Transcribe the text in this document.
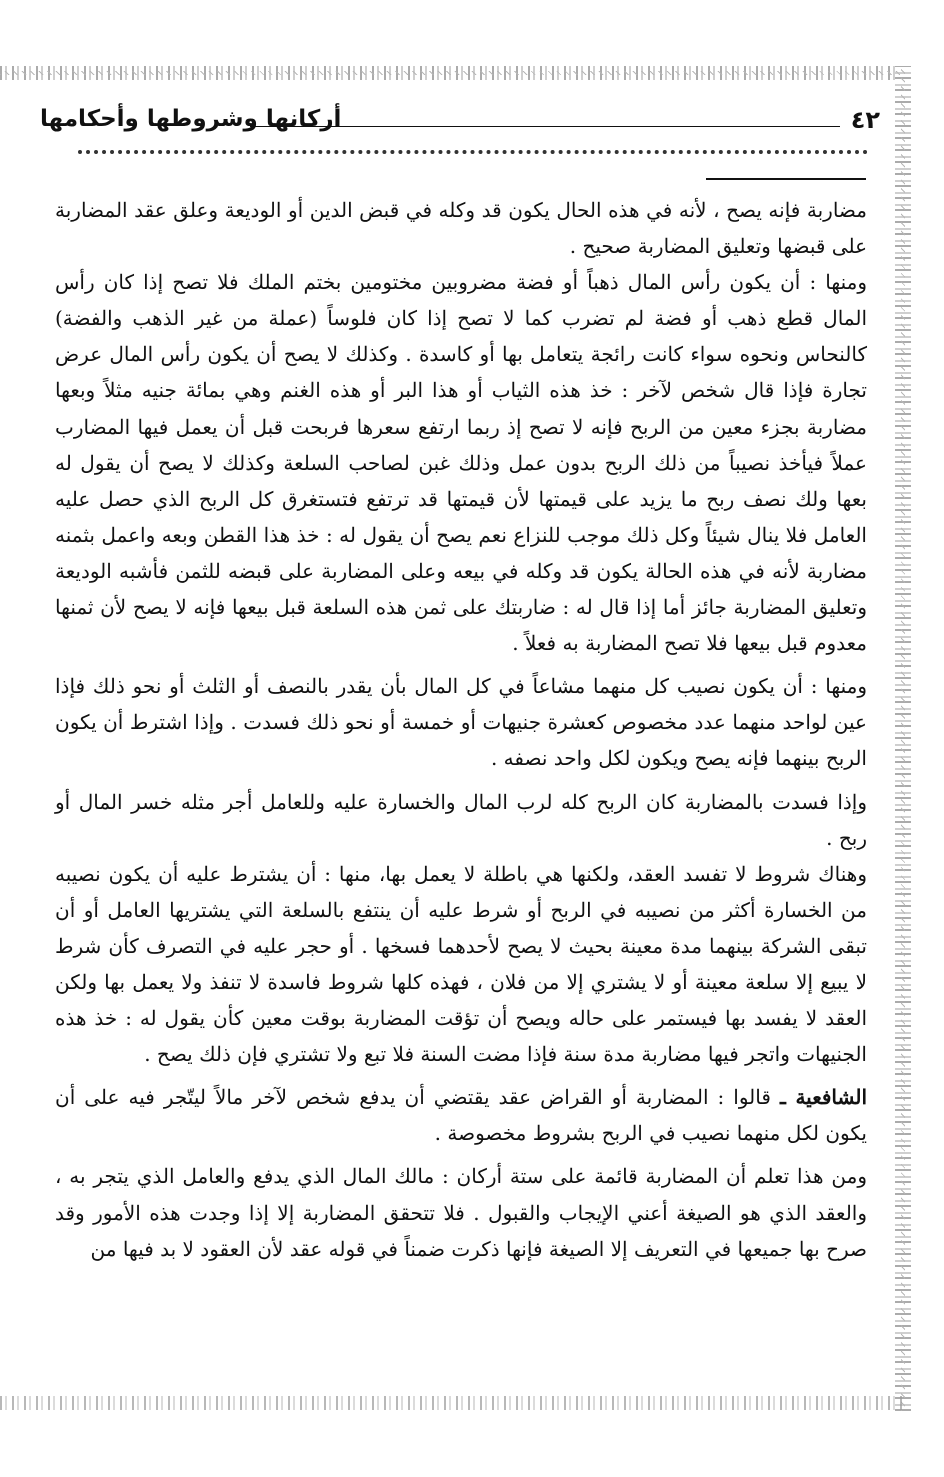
٤٢
أركانها وشروطها وأحكامها

مضاربة فإنه يصح ، لأنه في هذه الحال يكون قد وكله في قبض الدين أو الوديعة وعلق عقد المضاربة على قبضها وتعليق المضاربة صحيح .

ومنها : أن يكون رأس المال ذهباً أو فضة مضروبين مختومين بختم الملك فلا تصح إذا كان رأس المال قطع ذهب أو فضة لم تضرب كما لا تصح إذا كان فلوساً (عملة من غير الذهب والفضة) كالنحاس ونحوه سواء كانت رائجة يتعامل بها أو كاسدة . وكذلك لا يصح أن يكون رأس المال عرض تجارة فإذا قال شخص لآخر : خذ هذه الثياب أو هذا البر أو هذه الغنم وهي بمائة جنيه مثلاً وبعها مضاربة بجزء معين من الربح فإنه لا تصح إذ ربما ارتفع سعرها فربحت قبل أن يعمل فيها المضارب عملاً فيأخذ نصيباً من ذلك الربح بدون عمل وذلك غبن لصاحب السلعة وكذلك لا يصح أن يقول له بعها ولك نصف ربح ما يزيد على قيمتها لأن قيمتها قد ترتفع فتستغرق كل الربح الذي حصل عليه العامل فلا ينال شيئاً وكل ذلك موجب للنزاع نعم يصح أن يقول له : خذ هذا القطن وبعه واعمل بثمنه مضاربة لأنه في هذه الحالة يكون قد وكله في بيعه وعلى المضاربة على قبضه للثمن فأشبه الوديعة وتعليق المضاربة جائز أما إذا قال له : ضاربتك على ثمن هذه السلعة قبل بيعها فإنه لا يصح لأن ثمنها معدوم قبل بيعها فلا تصح المضاربة به فعلاً .

ومنها : أن يكون نصيب كل منهما مشاعاً في كل المال بأن يقدر بالنصف أو الثلث أو نحو ذلك فإذا عين لواحد منهما عدد مخصوص كعشرة جنيهات أو خمسة أو نحو ذلك فسدت . وإذا اشترط أن يكون الربح بينهما فإنه يصح ويكون لكل واحد نصفه .

وإذا فسدت بالمضاربة كان الربح كله لرب المال والخسارة عليه وللعامل أجر مثله خسر المال أو ربح .

وهناك شروط لا تفسد العقد، ولكنها هي باطلة لا يعمل بها، منها : أن يشترط عليه أن يكون نصيبه من الخسارة أكثر من نصيبه في الربح أو شرط عليه أن ينتفع بالسلعة التي يشتريها العامل أو أن تبقى الشركة بينهما مدة معينة بحيث لا يصح لأحدهما فسخها . أو حجر عليه في التصرف كأن شرط لا يبيع إلا سلعة معينة أو لا يشتري إلا من فلان ، فهذه كلها شروط فاسدة لا تنفذ ولا يعمل بها ولكن العقد لا يفسد بها فيستمر على حاله ويصح أن تؤقت المضاربة بوقت معين كأن يقول له : خذ هذه الجنيهات واتجر فيها مضاربة مدة سنة فإذا مضت السنة فلا تبع ولا تشتري فإن ذلك يصح .

الشافعية ـ قالوا : المضاربة أو القراض عقد يقتضي أن يدفع شخص لآخر مالاً ليتّجر فيه على أن يكون لكل منهما نصيب في الربح بشروط مخصوصة .

ومن هذا تعلم أن المضاربة قائمة على ستة أركان : مالك المال الذي يدفع والعامل الذي يتجر به ، والعقد الذي هو الصيغة أعني الإيجاب والقبول . فلا تتحقق المضاربة إلا إذا وجدت هذه الأمور وقد صرح بها جميعها في التعريف إلا الصيغة فإنها ذكرت ضمناً في قوله عقد لأن العقود لا بد فيها من
